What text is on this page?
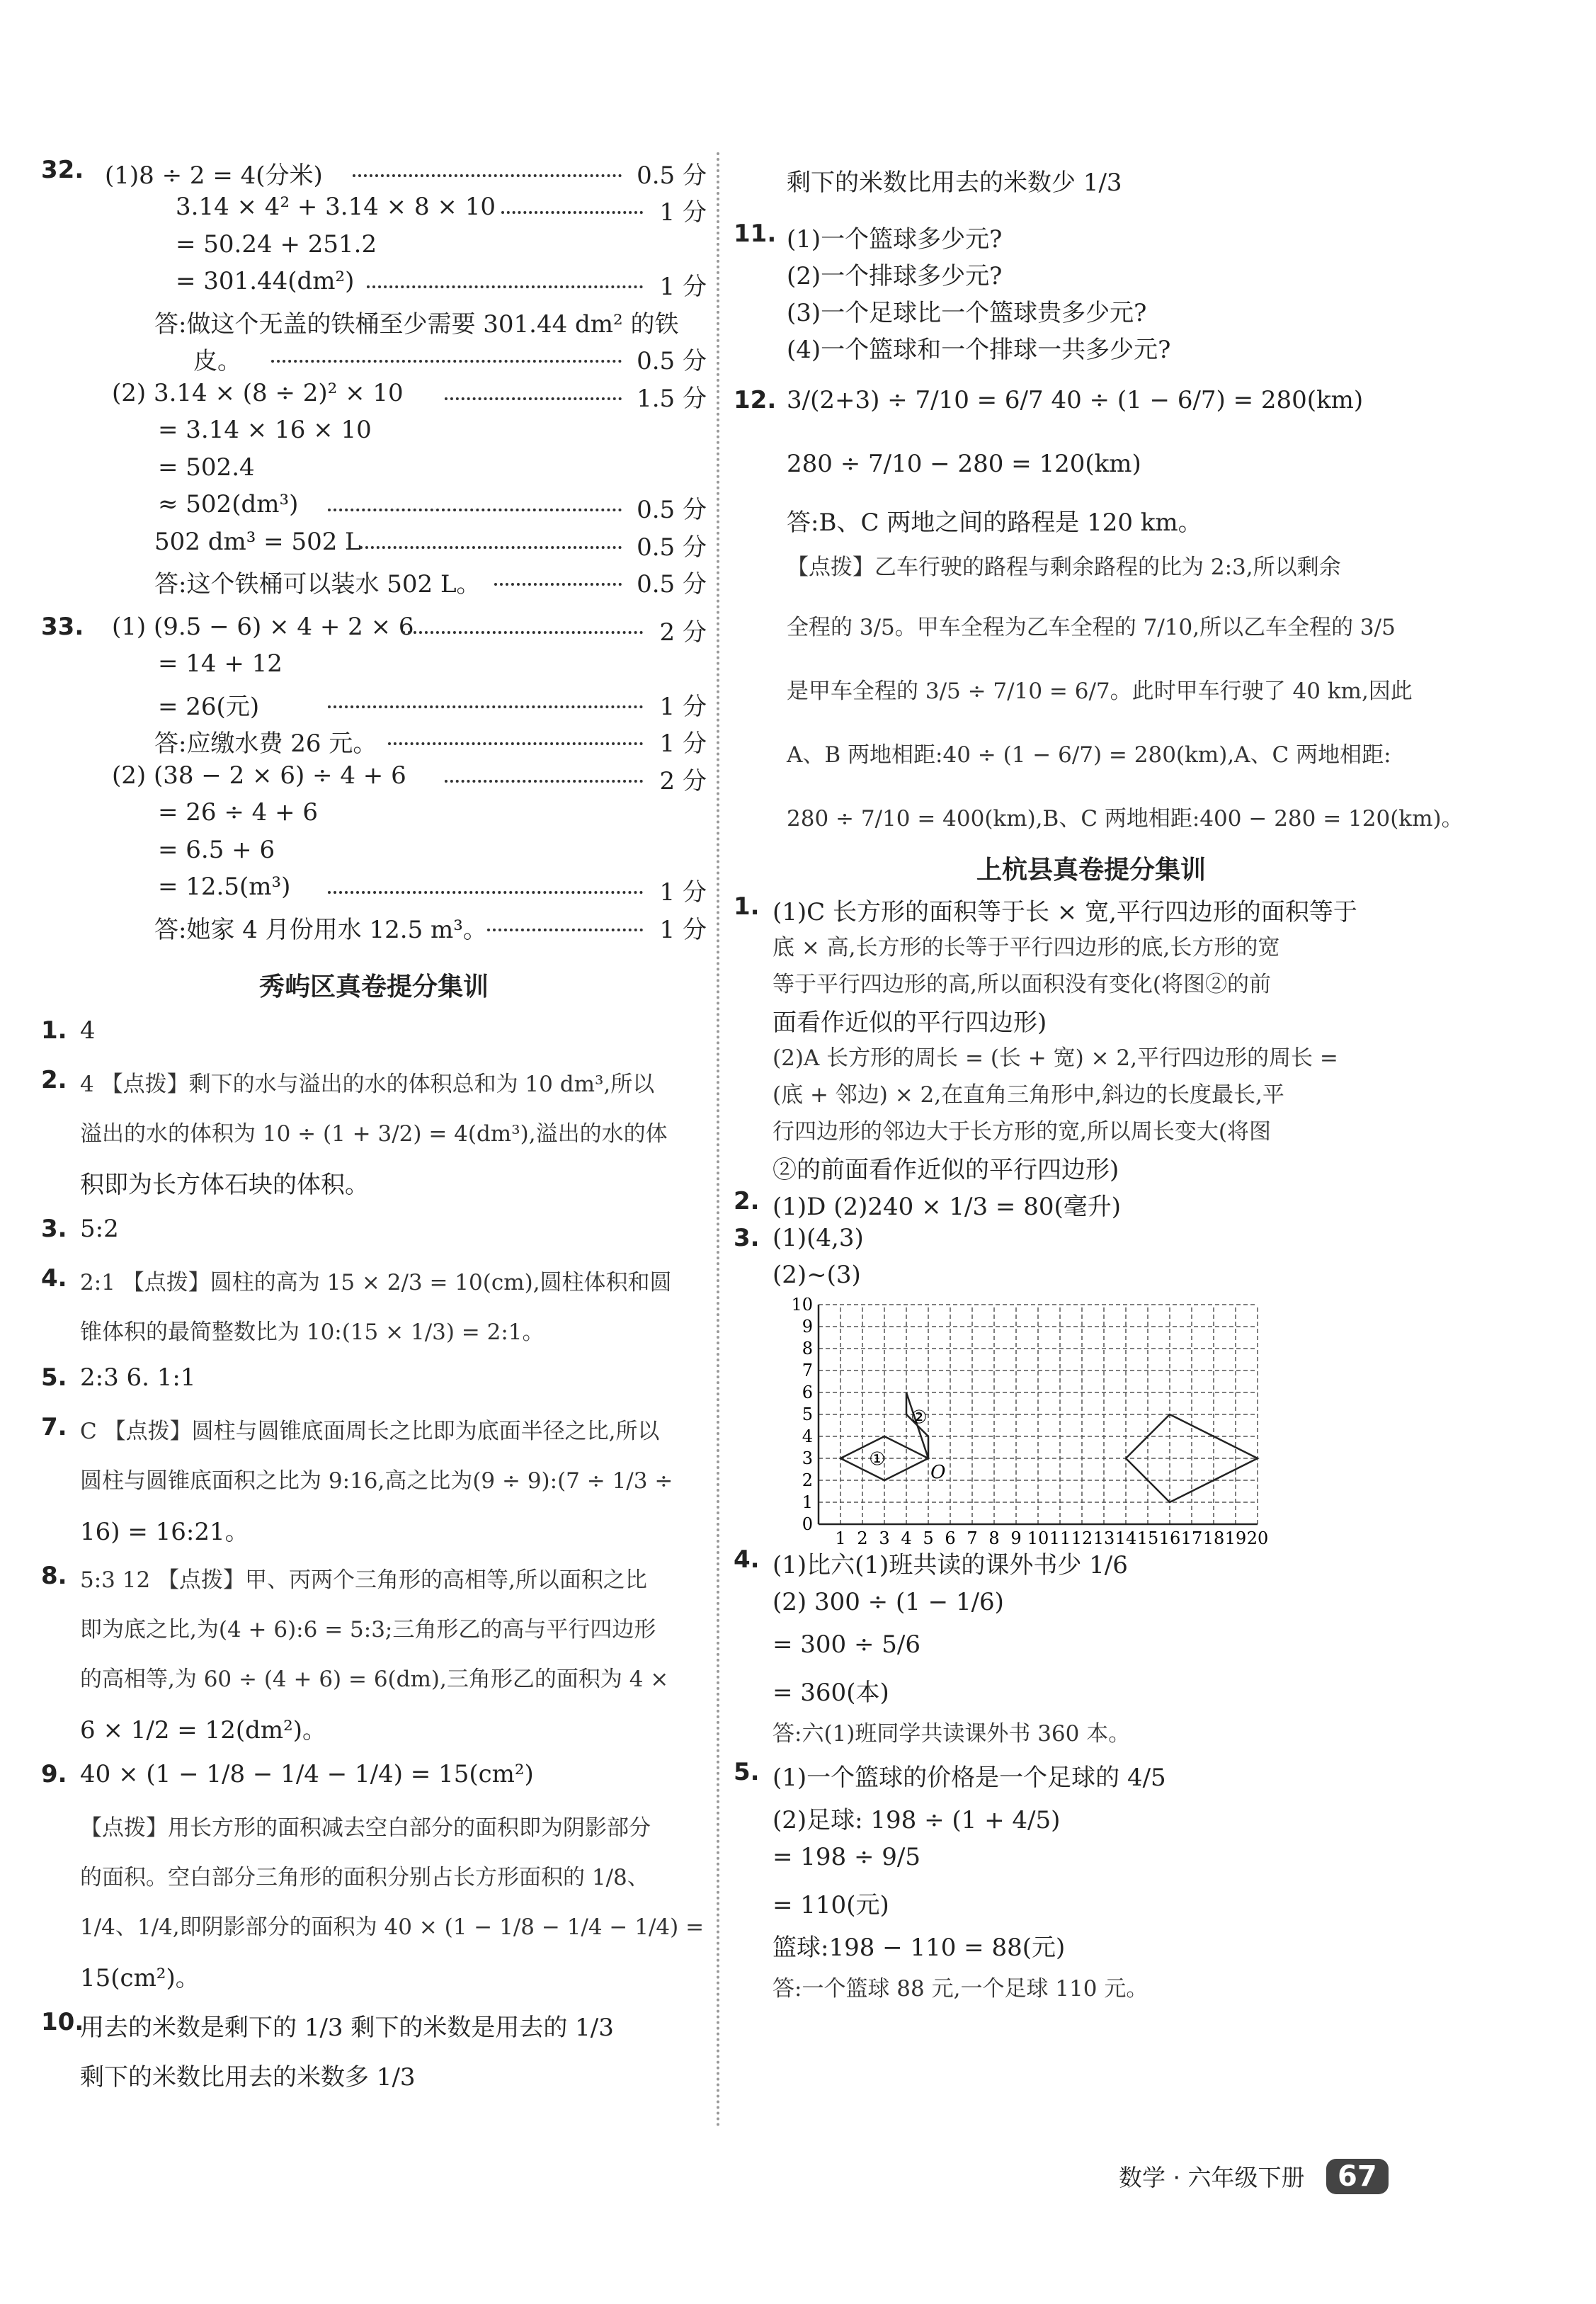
32. (1)8 ÷ 2 = 4(分米)	0.5 分
3.14 × 4² + 3.14 × 8 × 10	1 分
= 50.24 + 251.2
= 301.44(dm²)	1 分
答:做这个无盖的铁桶至少需要 301.44 dm² 的铁
皮。	0.5 分
(2) 3.14 × (8 ÷ 2)² × 10	1.5 分
= 3.14 × 16 × 10
= 502.4
≈ 502(dm³)	0.5 分
502 dm³ = 502 L	0.5 分
答:这个铁桶可以装水 502 L。	0.5 分
33. (1) (9.5 − 6) × 4 + 2 × 6	2 分
= 14 + 12
= 26(元)	1 分
答:应缴水费 26 元。	1 分
(2) (38 − 2 × 6) ÷ 4 + 6	2 分
= 26 ÷ 4 + 6
= 6.5 + 6
= 12.5(m³)	1 分
答:她家 4 月份用水 12.5 m³。	1 分
秀屿区真卷提分集训
1. 4
2. 4 【点拨】剩下的水与溢出的水的体积总和为 10 dm³,所以
溢出的水的体积为 10 ÷ (1 + 3/2) = 4(dm³),溢出的水的体
积即为长方体石块的体积。
3. 5:2
4. 2:1 【点拨】圆柱的高为 15 × 2/3 = 10(cm),圆柱体积和圆
锥体积的最简整数比为 10:(15 × 1/3) = 2:1。
5. 2:3 6. 1:1
7. C 【点拨】圆柱与圆锥底面周长之比即为底面半径之比,所以
圆柱与圆锥底面积之比为 9:16,高之比为(9 ÷ 9):(7 ÷ 1/3 ÷
16) = 16:21。
8. 5:3 12 【点拨】甲、丙两个三角形的高相等,所以面积之比
即为底之比,为(4 + 6):6 = 5:3;三角形乙的高与平行四边形
的高相等,为 60 ÷ (4 + 6) = 6(dm),三角形乙的面积为 4 ×
6 × 1/2 = 12(dm²)。
9. 40 × (1 − 1/8 − 1/4 − 1/4) = 15(cm²)
【点拨】用长方形的面积减去空白部分的面积即为阴影部分
的面积。空白部分三角形的面积分别占长方形面积的 1/8、
1/4、1/4,即阴影部分的面积为 40 × (1 − 1/8 − 1/4 − 1/4) =
15(cm²)。
10.
用去的米数是剩下的 1/3 剩下的米数是用去的 1/3
剩下的米数比用去的米数多 1/3
剩下的米数比用去的米数少 1/3
11. (1)一个篮球多少元?
(2)一个排球多少元?
(3)一个足球比一个篮球贵多少元?
(4)一个篮球和一个排球一共多少元?
12. 3/(2+3) ÷ 7/10 = 6/7 40 ÷ (1 − 6/7) = 280(km)
280 ÷ 7/10 − 280 = 120(km)
答:B、C 两地之间的路程是 120 km。
【点拨】乙车行驶的路程与剩余路程的比为 2:3,所以剩余
全程的 3/5。甲车全程为乙车全程的 7/10,所以乙车全程的 3/5
是甲车全程的 3/5 ÷ 7/10 = 6/7。此时甲车行驶了 40 km,因此
A、B 两地相距:40 ÷ (1 − 6/7) = 280(km),A、C 两地相距:
280 ÷ 7/10 = 400(km),B、C 两地相距:400 − 280 = 120(km)。
上杭县真卷提分集训
1. (1)C 长方形的面积等于长 × 宽,平行四边形的面积等于
底 × 高,长方形的长等于平行四边形的底,长方形的宽
等于平行四边形的高,所以面积没有变化(将图②的前
面看作近似的平行四边形)
(2)A 长方形的周长 = (长 + 宽) × 2,平行四边形的周长 =
(底 + 邻边) × 2,在直角三角形中,斜边的长度最长,平
行四边形的邻边大于长方形的宽,所以周长变大(将图
②的前面看作近似的平行四边形)
2. (1)D (2)240 × 1/3 = 80(毫升)
3. (1)(4,3)
(2)~(3)
1 2 3 4 5 6 7 8 9 10 11 12 13 14 15 16 17 18 19 20
0
1
2
3
4
5
6
7
8
9
10
①
②
O
4. (1)比六(1)班共读的课外书少 1/6
(2) 300 ÷ (1 − 1/6)
= 300 ÷ 5/6
= 360(本)
答:六(1)班同学共读课外书 360 本。
5. (1)一个篮球的价格是一个足球的 4/5
(2)足球: 198 ÷ (1 + 4/5)
= 198 ÷ 9/5
= 110(元)
篮球:198 − 110 = 88(元)
答:一个篮球 88 元,一个足球 110 元。
数学 · 六年级下册 67
